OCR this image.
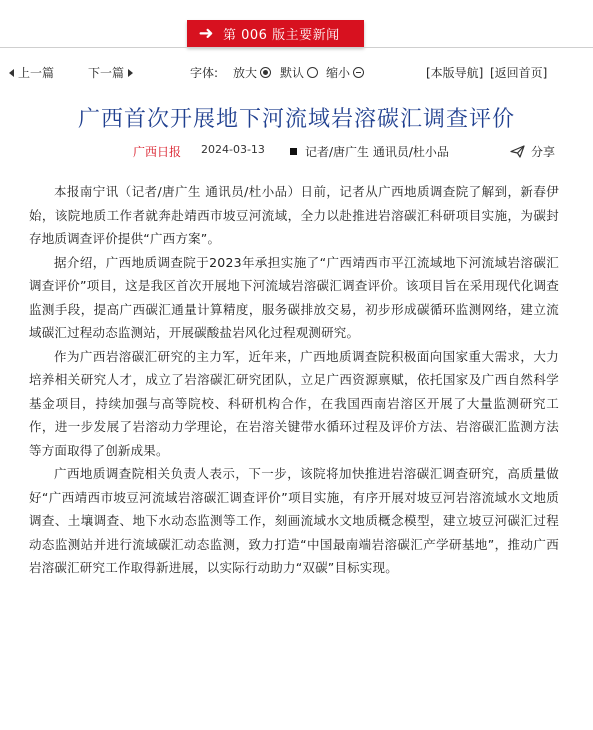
➜ 第 006 版主要新闻
上一篇	下一篇	字体: 放大 默认 缩小	[本版导航] [返回首页]
广西首次开展地下河流域岩溶碳汇调查评价
广西日报 2024-03-13	记者/唐广生 通讯员/杜小品	分享

本报南宁讯（记者/唐广生 通讯员/杜小品）日前，记者从广西地质调查院了解到，新春伊始，该院地质工作者就奔赴靖西市坡豆河流域，全力以赴推进岩溶碳汇科研项目实施，为碳封存地质调查评价提供“广西方案”。

据介绍，广西地质调查院于2023年承担实施了“广西靖西市平江流域地下河流域岩溶碳汇调查评价”项目，这是我区首次开展地下河流域岩溶碳汇调查评价。该项目旨在采用现代化调查监测手段，提高广西碳汇通量计算精度，服务碳排放交易，初步形成碳循环监测网络，建立流域碳汇过程动态监测站，开展碳酸盐岩风化过程观测研究。

作为广西岩溶碳汇研究的主力军，近年来，广西地质调查院积极面向国家重大需求，大力培养相关研究人才，成立了岩溶碳汇研究团队，立足广西资源禀赋，依托国家及广西自然科学基金项目，持续加强与高等院校、科研机构合作，在我国西南岩溶区开展了大量监测研究工作，进一步发展了岩溶动力学理论，在岩溶关键带水循环过程及评价方法、岩溶碳汇监测方法等方面取得了创新成果。

广西地质调查院相关负责人表示，下一步，该院将加快推进岩溶碳汇调查研究，高质量做好“广西靖西市坡豆河流域岩溶碳汇调查评价”项目实施，有序开展对坡豆河岩溶流域水文地质调查、土壤调查、地下水动态监测等工作，刻画流域水文地质概念模型，建立坡豆河碳汇过程动态监测站并进行流域碳汇动态监测，致力打造“中国最南端岩溶碳汇产学研基地”，推动广西岩溶碳汇研究工作取得新进展，以实际行动助力“双碳”目标实现。
